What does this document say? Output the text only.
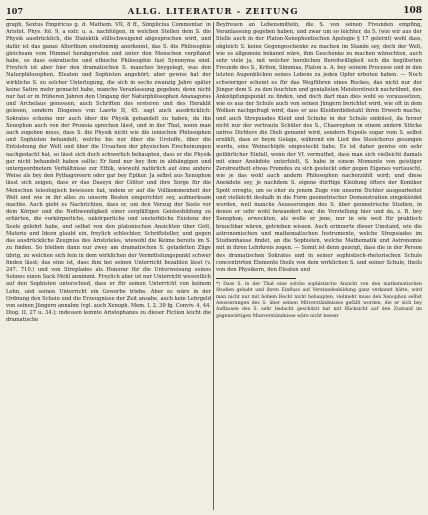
107	ALLG. LITERATUR - ZEITUNG	108

graph, Sextus Empiricus g. d. Mathem. VII, 8 ff., Simplicius Commentar. in Aristot. Phys. fol. 9, a extr. u. a. nachfolgen, in welchen Stellen dem S. die Physik ausdrücklich, die Dialektik stillschweigend abgesprochen wird, und dafür ist das ganze Alterthum einstimmig anerkennt, das S. die Philosophie gleichsam vom Himmel herabgerufen und unter den Menschen verpflanzt habe, so dass sokratische und ethische Philosophie fast Synonyma sind. Freylich ist aber hier den dramatischen S. manches beygelegt, was den Naturphilosophen, Eleaten und Sophisten angehört; aber gewiss hat der wirkliche S. zu solcher Unterlegung, die sich in sechs zwanzig Jahre später keine Satire mehr gemacht habe, manche Veranlassung gegeben; denn nicht nur hat er in früheren Jahren den Umgang der Naturphilosophen Anaxagoras und Archelaus genossen, auch Schriften des ersteren und des Heraklit gelesen, sondern Diogenes von Laerte II, 45. sagt auch ausdrücklich: Sokrates scheine mir auch über die Physik gehandelt zu haben, da ihn Xenophon auch von der Pronoia sprechen lässt, und in der That, wenn man auch zugeben muss, dass S. die Physik nicht wie die ionischen Philosophen und Sophisten behandelt, welche bis nur über die Urstoffe, über die Entstehung der Welt und über die Ursachen der physischen Erscheinungen nachgedacht hat, so lässt sich doch schwerlich behaupten, dass er die Physik gar nicht behandelt haben sollte; Er fand nur bey ihm in abhängigen und untergeordnetem Verhältnisse zur Ethik, wiewohl natürlich auf eine andere Weise als bey den Pythagoreern oder gar bey Epikur. Ja selbst aus Xenophon lässt sich zeigen, dass er das Daseyn der Götter und ihre Sorge für die Menschen teleologisch bewiesen hat, indem er auf die Vollkommenheit der Welt und wie in ihr alles zu unserm Besten eingerichtet sey, aufmerksam machte. Auch giebt es Nachrichten, dass er, um den Vorzug der Seele vor dem Körper und die Nothwendigkeit einer sorgfältigen Geistesbildung zu erhärten, die vorkörperliche, unkörperliche und unsterbliche Existenz der Seele gelehrt habe, und selbst von den platonischen Ansichten über Gott, Materie und Ideen glaubt ein, freylich schlechter, Schriftsteller, und gegen das ausdrückliche Zeugniss des Aristoteles, wiewohl die Keime bereits im S. zu finden. So bleiben dann nur zwey am dramatischen S. getadelten Züge übrig, zu welchen sich fein in dem wirklichen der Vermittelungspunkt schwer finden lässt; das eine ist, dass ihm bei seinen Unterricht bezahlen lässt (v. 247. 710.) und von Streplades als Honorar für die Unterweisung seines Sohnes einen Sack Mehl annimmt. Freylich aber ist nur Unterricht wesentlich auf den Sophisten unterschied, dass er für seinen Unterricht von keinem Lohn, und seinen Unterricht ein Gewerbe triebe. Aber es wäre in der Ordnung den Schein und die Erzeugnisse der Zeit ansahe, auch kein Lehrgeld von seinen Jüngern annahm (vgl. auch Xenoph. Mem. I, 2, 39 fg. Conviv. 4, 44. Diog. II, 27 u. 34.); indessen konnte Aristophanes zu dieser Fiction leicht die dramatische

Beyfreuen an Lebensmitteln, die S. von seinen Freunden empfing, Veranlassung gegeben haben, und zwar um so leichter, da S. (wie wir aus der Stelle auch in der Platon-Xenophontischen Apologie § 17 gelernt) wohl dass, obgleich S. keine Gegengeschenke zu machen im Stande sey, doch der Welt, wie es allgemein bekannt wäre, ihm Geschenke zu machen wünschten, auch sehr viele ja, mit welcher herzlichen Bereitwilligkeit sich die begüterten Freunde des S., Kriton, Simmias, Platon u. A. bey seinem Processe und in den letzten Augenblicken seines Lebens zu jeden Opfer erboten haben. — Noch schwieriger scheint es für das Wegführen eines Rockes, das nicht nur der Jünger dem S. zu den feuchten und genialisten Meisterstreich nachrühmt, den Anknüpfungspunkt zu finden, und doch darf man dies wohl so voraussetzen, wie es aus der Schule auch von seinen Jüngern berichtet wird, wie oft in dem Wolken nachgefragt wird, dass er aus Kleiderdiebstahl ihren Erwerb mache, und auch Strepsiades Kleid und Schuhe in der Schule einbüsst, da ferner nicht nur der vertraute Schüler des S., Chaerephon in einem andern Stücke unfres Dichters die Dieb genannt wird, sondern Eupolis sogar vom S. selbst erzählt, dass er beym Gelage, während ein Lied des Stesichorus gesungen wurde, eine Weinschöpfe eingesteckt habe. Es ist daher gewiss ein sehr gefährlicher Einfall, wenn der Vf. vermuthet, dass man sich vielleicht damals mit einer Anekdote unterhielt, S. habe in einem Momente von geistiger Zerstreutheit etwas Fremdes zu sich gesteckt oder gegen Eigenes vertauscht, wie je das wohl auch andern Philosophen nacherzählt wird; und diese Anekdote sey, je nachdem S. eigene dürftige Kleidung öfters der Komiker Spott erregte, um so eher zu jenem Zuge von unserm Dichter ausgearbeitet und vielleicht deshalb in die Form geometrischer Demonstration eingekleidet worden, weil manche Aeusserungen des S. über geometrische Studien, in denen er sehr wohl bewandert war, die Vorstellung hier und da, z. B. bey Xenophon, erweckten, als wolle er jene, nur in wie weit für praktisch brauchbar wären, getrieben wissen. Auch erinnerte dieser Umstand, wie die astronomischen und mathematischen Instrumente, welche Strepsiades im Studienhause findet, an die Sophisten, welche Mathematik und Astronomie mit in ihren Lehrkreis zogen. — Somit ist denn gezeigt, dass die in der Person des dramatischen Sokrates und in seiner sophistisch-rhetorischen Schule concentrirten Elemente theils von dem wirklichen S. und seiner Schule, theils von den Physikern, den Eleaten und

*) Dass S. in der That eine solche sophistische Ansicht von den mathematischen Studien gehabt und ihren Einfluss auf Verstandesbildung ganz verkannt hätte, wird man nicht nur mit hohem Recht nicht behaupten, vielmehr muss den Xenophon selbst Aeusserungen des S. über seinen Mitverständnisses gefällt worden, die er sich bey Auffassen des S. sehr bedacht geschätzt hat mit Rücksicht auf den Zustand im gegenwärtigen Missverständnisse wäre nicht besser
